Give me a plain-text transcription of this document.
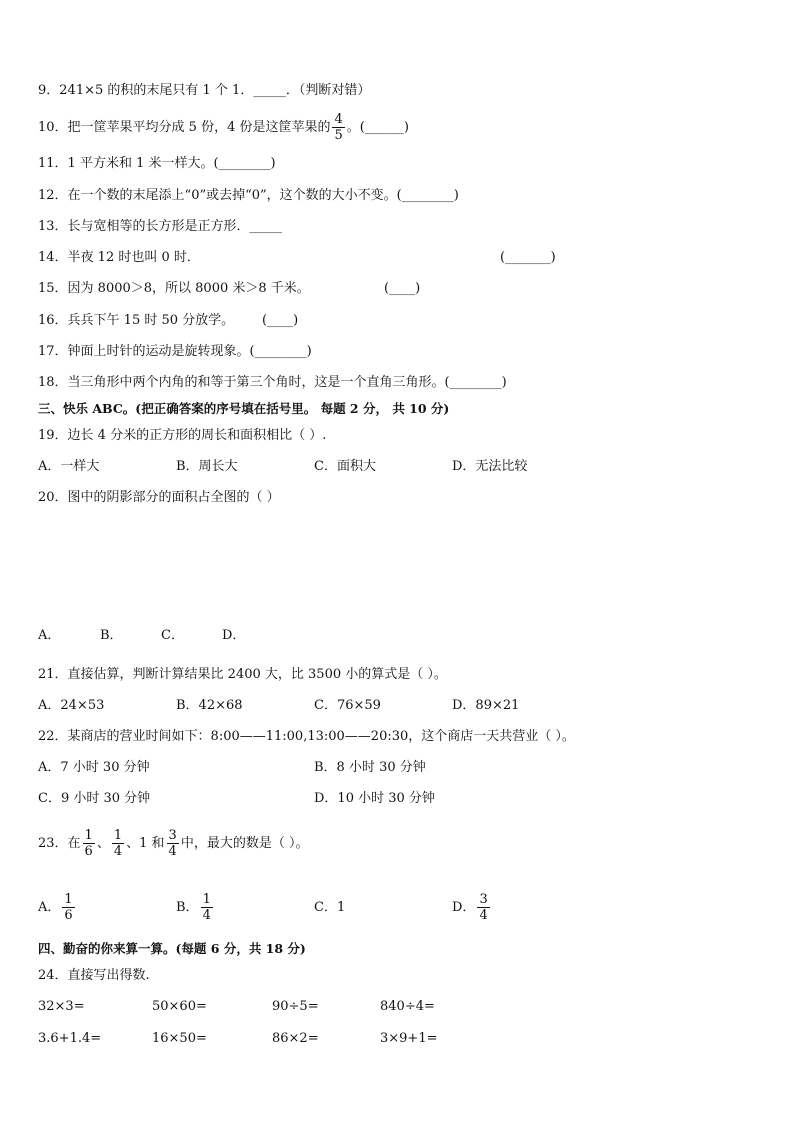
9．241×5 的积的末尾只有 1 个 1．_____．（判断对错）
10．把一筐苹果平均分成 5 份，4 份是这筐苹果的 $\frac{4}{5}$ 。(______)
11．1 平方米和 1 米一样大。(________)
12．在一个数的末尾添上“0”或去掉“0”，这个数的大小不变。(________)
13．长与宽相等的长方形是正方形．_____
14．半夜 12 时也叫 0 时．	(_______)
15．因为 8000＞8，所以 8000 米＞8 千米。	(____)
16．兵兵下午 15 时 50 分放学。 (____)
17．钟面上时针的运动是旋转现象。(________)
18．当三角形中两个内角的和等于第三个角时，这是一个直角三角形。(________)
三、快乐 ABC。(把正确答案的序号填在括号里。 每题 2 分， 共 10 分)
19．边长 4 分米的正方形的周长和面积相比（ ）.
A．一样大	B．周长大	C．面积大	D．无法比较
20．图中的阴影部分的面积占全图的（ ）
A．	B．	C．	D．
21．直接估算，判断计算结果比 2400 大，比 3500 小的算式是（ ）。
A．24×53	B．42×68	C．76×59	D．89×21
22．某商店的营业时间如下：8:00——11:00,13:00——20:30，这个商店一天共营业（ ）。
A．7 小时 30 分钟	B．8 小时 30 分钟
C．9 小时 30 分钟	D．10 小时 30 分钟
23．在 $\frac{1}{6}$ 、 $\frac{1}{4}$ 、1 和 $\frac{3}{4}$ 中，最大的数是（ ）。
A． $\frac{1}{6}$	B． $\frac{1}{4}$	C．1	D． $\frac{3}{4}$
四、勤奋的你来算一算。(每题 6 分，共 18 分)
24．直接写出得数.
32×3=	50×60=	90÷5=	840÷4=
3.6+1.4=	16×50=	86×2=	3×9+1=
